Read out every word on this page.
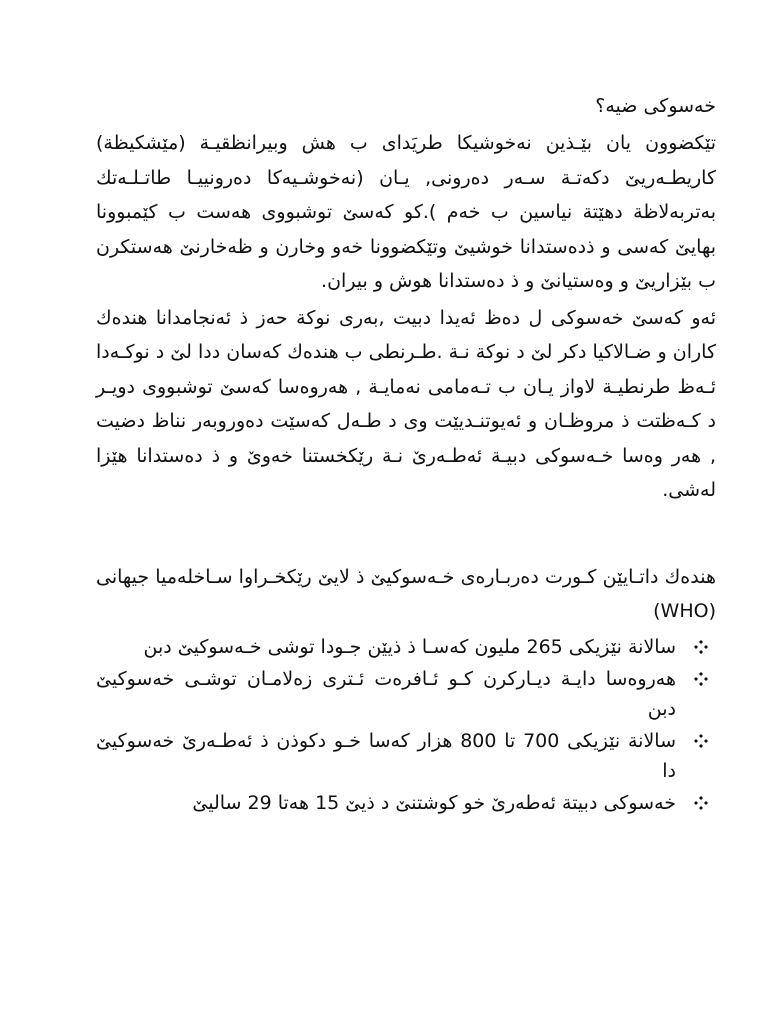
خەسوکی ضیە؟

تێکضوون یان بێـذین نەخوشیکا طریَدای ب هش وبیرانظقیـة (مێشکیظة) کاریطـەریێ دکەتـة سـەر دەرونی, یـان (نەخوشـیەکا دەرونییـا طاتـلـەتك بەتربەلاظة دهێتة نیاسین ب خەم ).کو کەسێ توشبووی هەست ب کێمبوونا بهایێ کەسی و ذدەستدانا خوشیێ وتێکضوونا خەو وخارن و ظەخارنێ هەستکرن ب بێزاریێ و وەستیانێ و ذ دەستدانا هوش و بیران.

ئەو کەسێ خەسوکی ل دەظ ئەیدا دبیت ,بەری نوکة حەز ذ ئەنجامدانا هندەك کاران و ضـالاکیا دکر لێ د نوکة نـة .طـرنطی ب هندەك کەسان ددا لێ د نوکـەدا ئـەظ طرنطیـة لاواز یـان ب تـەمامی نەمایـة , هەروەسا کەسێ توشبووی دویـر د کـەظتت ذ مروظـان و ئەیوتنـدیێت وی د طـەل کەسێت دەوروبەر نناظ دضیت , هەر وەسا خـەسوکی دبیـة ئەطـەرێ نـة رێکخستنا خەوێ و ذ دەستدانا هێزا لەشی.

هندەك داتـایێن کـورت دەربـارەی خـەسوکیێ ذ لایێ رێکخـراوا سـاخلەمیا جیهانی (WHO)

سالانة نێزیکی 265 ملیون کەسـا ذ ذیێن جـودا توشی خـەسوکیێ دبن
هەروەسا دایـة دیـارکرن کـو ئـافرەت ئـتری زەلامـان توشـی خەسوکیێ دبن
سالانة نێزیکی 700 تا 800 هزار کەسا خـو دکوذن ذ ئەطـەرێ خەسوکیێ دا
خەسوکی دبیتة ئەطەرێ خو کوشتنێ د ذیێ 15 هەتا 29 سالیێ
